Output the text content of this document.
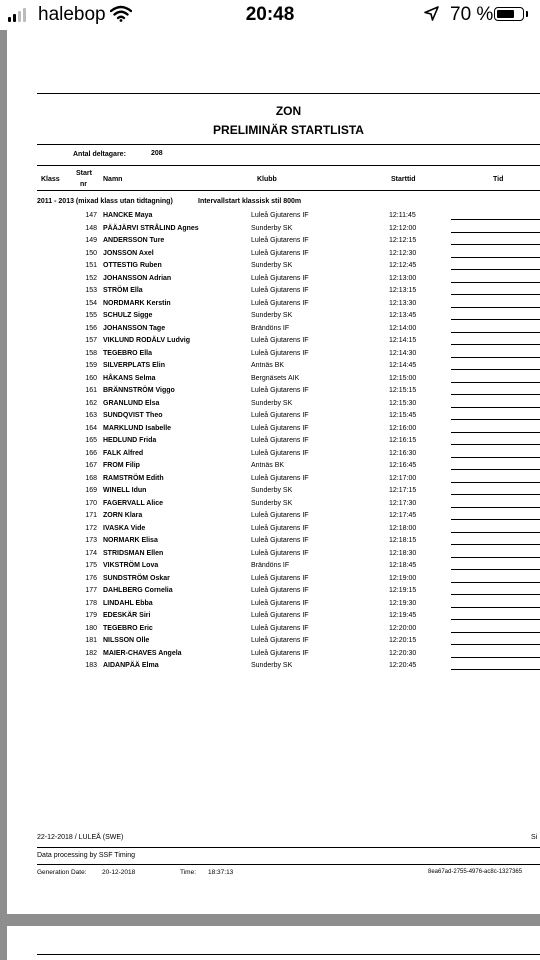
halebop	20:48	70 %
ZON
PRELIMINÄR STARTLISTA
Antal deltagare:	208
Klass
Start
nr
Namn	Klubb	Starttid	Tid
2011 - 2013 (mixad klass utan tidtagning)	Intervallstart klassisk stil 800m
147 HANCKE Maya	Luleå Gjutarens IF	12:11:45
148 PÄÄJÄRVI STRÅLIND Agnes	Sunderby SK	12:12:00
149 ANDERSSON Ture	Luleå Gjutarens IF	12:12:15
150 JONSSON Axel	Luleå Gjutarens IF	12:12:30
151 OTTESTIG Ruben	Sunderby SK	12:12:45
152 JOHANSSON Adrian	Luleå Gjutarens IF	12:13:00
153 STRÖM Ella	Luleå Gjutarens IF	12:13:15
154 NORDMARK Kerstin	Luleå Gjutarens IF	12:13:30
155 SCHULZ Sigge	Sunderby SK	12:13:45
156 JOHANSSON Tage	Brändöns IF	12:14:00
157 VIKLUND RODÄLV Ludvig	Luleå Gjutarens IF	12:14:15
158 TEGEBRO Ella	Luleå Gjutarens IF	12:14:30
159 SILVERPLATS Elin	Antnäs BK	12:14:45
160 HÅKANS Selma	Bergnäsets AIK	12:15:00
161 BRÄNNSTRÖM Viggo	Luleå Gjutarens IF	12:15:15
162 GRANLUND Elsa	Sunderby SK	12:15:30
163 SUNDQVIST Theo	Luleå Gjutarens IF	12:15:45
164 MARKLUND Isabelle	Luleå Gjutarens IF	12:16:00
165 HEDLUND Frida	Luleå Gjutarens IF	12:16:15
166 FALK Alfred	Luleå Gjutarens IF	12:16:30
167 FROM Filip	Antnäs BK	12:16:45
168 RAMSTRÖM Edith	Luleå Gjutarens IF	12:17:00
169 WINELL Idun	Sunderby SK	12:17:15
170 FAGERVALL Alice	Sunderby SK	12:17:30
171 ZORN Klara	Luleå Gjutarens IF	12:17:45
172 IVASKA Vide	Luleå Gjutarens IF	12:18:00
173 NORMARK Elisa	Luleå Gjutarens IF	12:18:15
174 STRIDSMAN Ellen	Luleå Gjutarens IF	12:18:30
175 VIKSTRÖM Lova	Brändöns IF	12:18:45
176 SUNDSTRÖM Oskar	Luleå Gjutarens IF	12:19:00
177 DAHLBERG Cornelia	Luleå Gjutarens IF	12:19:15
178 LINDAHL Ebba	Luleå Gjutarens IF	12:19:30
179 EDESKÄR Siri	Luleå Gjutarens IF	12:19:45
180 TEGEBRO Eric	Luleå Gjutarens IF	12:20:00
181 NILSSON Olle	Luleå Gjutarens IF	12:20:15
182 MAIER-CHAVES Angela	Luleå Gjutarens IF	12:20:30
183 AIDANPÄÄ Elma	Sunderby SK	12:20:45
22-12-2018 / LULEÅ (SWE)	Si
Data processing by SSF Timing
Generation Date: 20-12-2018	Time: 18:37:13	8ea67ad-2755-4976-ac8c-1327365
